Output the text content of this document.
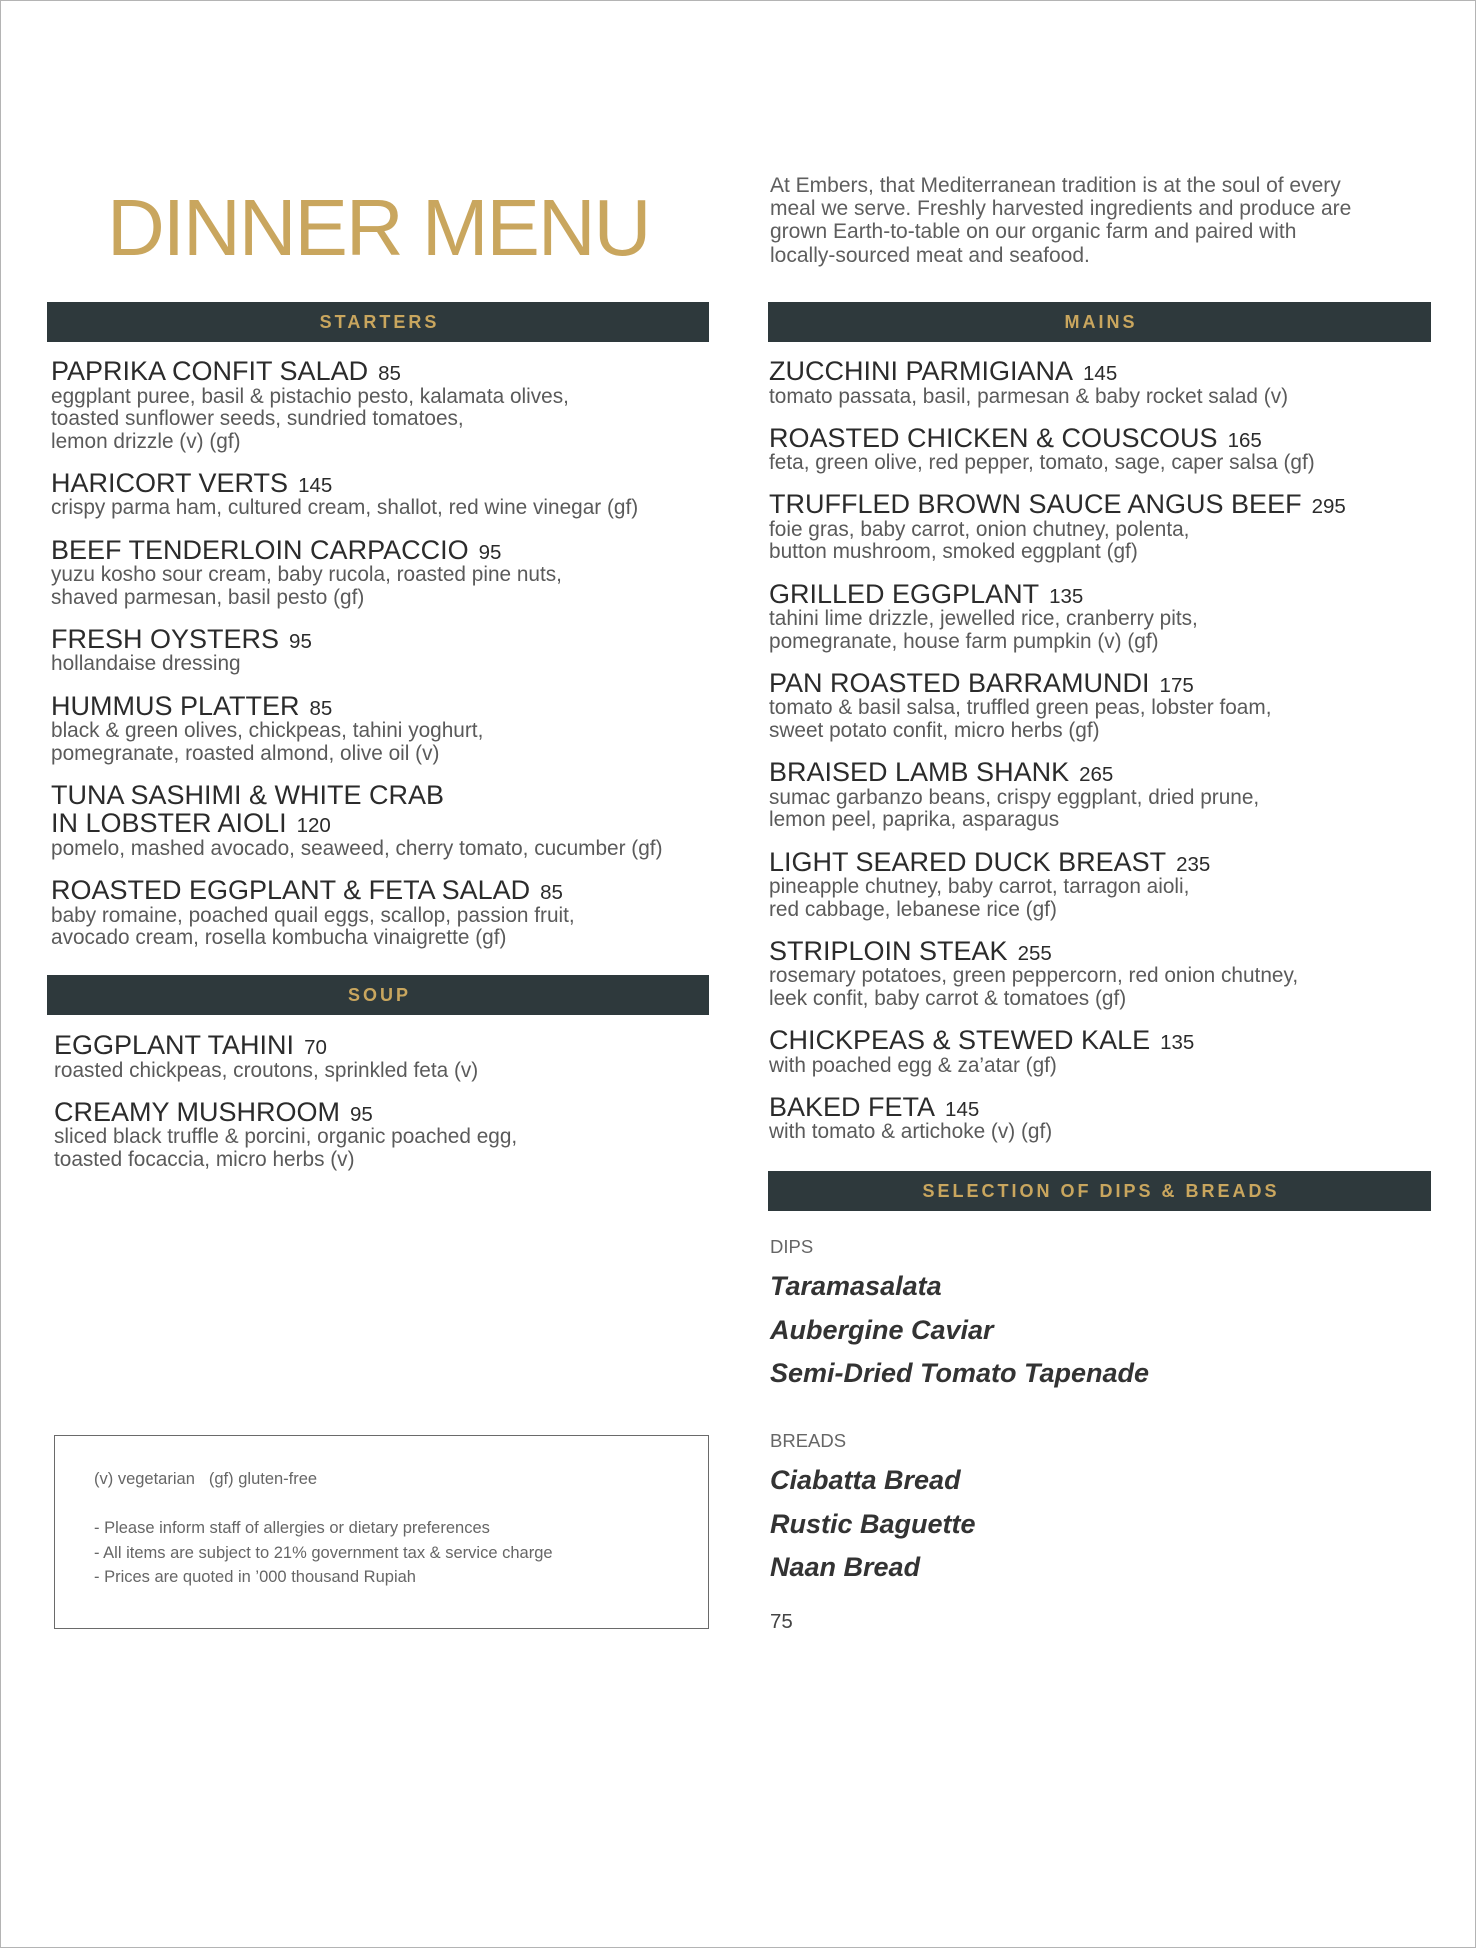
DINNER MENU	At Embers, that Mediterranean tradition is at the soul of every
meal we serve. Freshly harvested ingredients and produce are
grown Earth-to-table on our organic farm and paired with
locally-sourced meat and seafood.
STARTERS
PAPRIKA CONFIT SALAD 85
eggplant puree, basil & pistachio pesto, kalamata olives,
toasted sunflower seeds, sundried tomatoes,
lemon drizzle (v) (gf)
HARICORT VERTS 145
crispy parma ham, cultured cream, shallot, red wine vinegar (gf)
BEEF TENDERLOIN CARPACCIO 95
yuzu kosho sour cream, baby rucola, roasted pine nuts,
shaved parmesan, basil pesto (gf)
FRESH OYSTERS 95
hollandaise dressing
HUMMUS PLATTER 85
black & green olives, chickpeas, tahini yoghurt,
pomegranate, roasted almond, olive oil (v)
TUNA SASHIMI & WHITE CRAB
IN LOBSTER AIOLI 120
pomelo, mashed avocado, seaweed, cherry tomato, cucumber (gf)
ROASTED EGGPLANT & FETA SALAD 85
baby romaine, poached quail eggs, scallop, passion fruit,
avocado cream, rosella kombucha vinaigrette (gf)
SOUP
EGGPLANT TAHINI 70
roasted chickpeas, croutons, sprinkled feta (v)
CREAMY MUSHROOM 95
sliced black truffle & porcini, organic poached egg,
toasted focaccia, micro herbs (v)
(v) vegetarian (gf) gluten-free
- Please inform staff of allergies or dietary preferences
- All items are subject to 21% government tax & service charge
- Prices are quoted in ’000 thousand Rupiah
MAINS
ZUCCHINI PARMIGIANA 145
tomato passata, basil, parmesan & baby rocket salad (v)
ROASTED CHICKEN & COUSCOUS 165
feta, green olive, red pepper, tomato, sage, caper salsa (gf)
TRUFFLED BROWN SAUCE ANGUS BEEF 295
foie gras, baby carrot, onion chutney, polenta,
button mushroom, smoked eggplant (gf)
GRILLED EGGPLANT 135
tahini lime drizzle, jewelled rice, cranberry pits,
pomegranate, house farm pumpkin (v) (gf)
PAN ROASTED BARRAMUNDI 175
tomato & basil salsa, truffled green peas, lobster foam,
sweet potato confit, micro herbs (gf)
BRAISED LAMB SHANK 265
sumac garbanzo beans, crispy eggplant, dried prune,
lemon peel, paprika, asparagus
LIGHT SEARED DUCK BREAST 235
pineapple chutney, baby carrot, tarragon aioli,
red cabbage, lebanese rice (gf)
STRIPLOIN STEAK 255
rosemary potatoes, green peppercorn, red onion chutney,
leek confit, baby carrot & tomatoes (gf)
CHICKPEAS & STEWED KALE 135
with poached egg & za’atar (gf)
BAKED FETA 145
with tomato & artichoke (v) (gf)
SELECTION OF DIPS & BREADS
DIPS
Taramasalata
Aubergine Caviar
Semi-Dried Tomato Tapenade
BREADS
Ciabatta Bread
Rustic Baguette
Naan Bread
75
